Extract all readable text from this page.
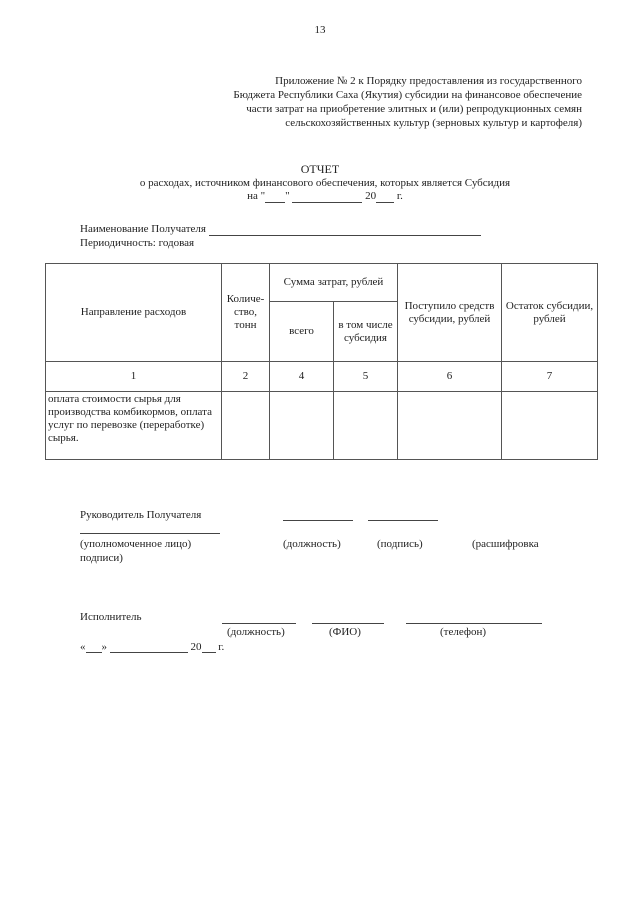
13
Приложение № 2 к Порядку предоставления из государственного
Бюджета Республики Саха (Якутия) субсидии на финансовое обеспечение
части затрат на приобретение элитных и (или) репродукционных семян
сельскохозяйственных культур (зерновых культур и картофеля)
ОТЧЕТ
о расходах, источником финансового обеспечения, которых является Субсидия
на " "	20 г.
Наименование Получателя
Периодичность: годовая
Направление расходов	Количе-ство, тонн	Сумма затрат, рублей		Поступило средств субсидии, рублей	Остаток субсидии, рублей
		всего	в том числе субсидия		
1	2	4	5	6	7
оплата стоимости сырья для производства комбикормов, оплата услуг по перевозке (переработке) сырья.					
Руководитель Получателя
(уполномоченное лицо)	(должность)	(подпись)	(расшифровка
подписи)
Исполнитель
(должность)	(ФИО)	(телефон)
« »	20 г.
